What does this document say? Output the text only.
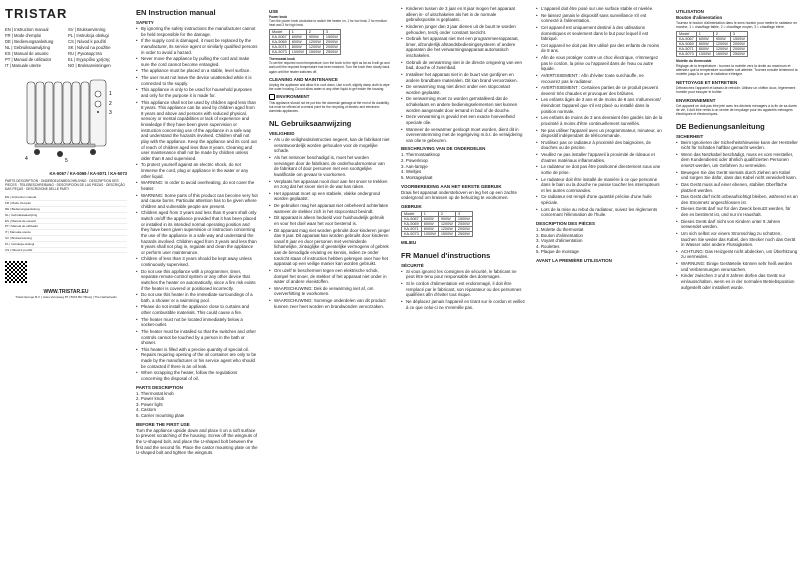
TRISTAR
EN | Instruction manual	SV | Bruksanvisning
FR | Mode d'emploi	PL | Instrukcja obsługi
DE | Bedienungsanleitung	CS | Návod k použití
NL | Gebruiksaanwijzing	SK | Návod na použitie
ES | Manual de usuario	RU | Руководство
PT | Manual de utilizador	EL | Εγχειρίδιο χρήσης
IT | Manuale utente	NO | Bruksanvisningen
1
2
3
4	5
KA-5067 / KA-5069 / KA-5071 / KA-5073
PARTS DESCRIPTION · ONDERDELENBESCHRIJVING · DESCRIPTION DES PIECES · TEILEBESCHREIBUNG · DESCRIPCIÓN DE LAS PIEZAS · DESCRIÇÃO DAS PEÇAS · DESCRIZIONE DELLE PARTI
EN | Instruction manual
FR | Mode d'emploi
DE | Bedienungsanleitung
NL | Gebruiksaanwijzing
ES | Manual de usuario
PT | Manual de utilizador
IT | Manuale utente
SV | Bruksanvisning
PL | Instrukcja obsługi
CS | Návod k použití
WWW.TRISTAR.EU
Tristar Europe B.V. | Jules Verneweg 87 | 5015 BH Tilburg | The Netherlands
EN Instruction manual
SAFETY
• By ignoring the safety instructions the manufacturer cannot be held responsible for the damage.
• If the supply cord is damaged, it must be replaced by the manufacturer, its service agent or similarly qualified persons in order to avoid a hazard.
• Never move the appliance by pulling the cord and make sure the cord cannot become entangled.
• The appliance must be placed on a stable, level surface.
• The user must not leave the device unattended while it is connected to the supply.
• This appliance is only to be used for household purposes and only for the purpose it is made for.
• This appliance shall not be used by children aged less than 8 years. This appliance can be used by children aged from 8 years and above and persons with reduced physical, sensory or mental capabilities or lack of experience and knowledge if they have been given supervision or instruction concerning use of the appliance in a safe way and understand the hazards involved. Children shall not play with the appliance. Keep the appliance and its cord out of reach of children aged less than 8 years. Cleaning and user maintenance shall not be made by children unless older than 8 and supervised.
• To protect yourself against an electric shock, do not immerse the cord, plug or appliance in the water or any other liquid.
• WARNING: In order to avoid overheating, do not cover the heater.
• WARNING: Some parts of this product can become very hot and cause burns. Particular attention has to be given where children and vulnerable people are present.
• Children aged from 3 years and less than 8 years shall only switch on/off the appliance provided that it has been placed or installed in its intended normal operating position and they have been given supervision or instruction concerning the use of the appliance in a safe way and understand the hazards involved. Children aged from 3 years and less than 8 years shall not plug in, regulate and clean the appliance or perform user maintenance.
• Children of less than 3 years should be kept away unless continuously supervised.
• Do not use this appliance with a programmer, timer, separate remote-control system or any other device that switches the heater on automatically, since a fire risk exists if the heater is covered or positioned incorrectly.
• Do not use this heater in the immediate surroundings of a bath, a shower or a swimming pool.
• Please do not install the appliance close to curtains and other combustible materials. This could cause a fire.
• The heater must not be located immediately below a socket-outlet.
• The heater must be installed so that the switches and other controls cannot be touched by a person in the bath or shower.
• This heater is filled with a precise quantity of special oil. Repairs requiring opening of the oil container are only to be made by the manufacturer or his service agent who should be contacted if there is an oil leak.
• When scrapping the heater, follow the regulations concerning the disposal of oil.
PARTS DESCRIPTION

1. Thermostat knob

2. Power knob

3. Power light

4. Castors

5. Carrier mounting plate

BEFORE THE FIRST USE

Turn the appliance upside down and place it on a soft surface to prevent scratching of the housing. Screw off the wingnuts of the U-shaped bolt, and place the U-shaped bolt between the first and the second fin. Place the castor mounting plate on the U-shaped bolt and tighten the wingnuts.

USE

Power knob

Turn the power knob clockwise to switch the heater on, 1 for low heat, 2 for medium heat and 3 for high heat.

Model	1	2	3
KA-5067	600W	900W	1500W
KA-5069	800W	1200W	2000W
KA-5071	800W	1200W	2000W
KA-5073	1000W	1500W	2500W

Thermostat knob

To set the required room temperature, turn the knob to the right as far as it will go and wait until the required temperature has been reached. Turn the knob then slowly back again until the heater switches off.

CLEANING AND MAINTENANCE

Unplug the appliance and allow it to cool down. Use a soft, slightly damp cloth to wipe the outer housing. Do not allow water or any other liquid to get inside the housing.

ENVIRONMENT

This appliance should not be put into the domestic garbage at the end of its durability, but must be offered at a central point for the recycling of electric and electronic domestic appliances.

NL Gebruiksaanwijzing
VEILIGHEID
• Als u de veiligheidsinstructies negeert, kan de fabrikant niet verantwoordelijk worden gehouden voor de mogelijke schade.
• Als het netsnoer beschadigd is, moet het worden vervangen door de fabrikant, de onderhoudsmonteur van de fabrikant of door personen met een soortgelijke kwalificatie om gevaar te voorkomen.
• Verplaats het apparaat nooit door aan het snoer te trekken en zorg dat het snoer niet in de war kan raken.
• Het apparaat moet op een stabiele, vlakke ondergrond worden geplaatst.
• De gebruiker mag het apparaat niet onbeheerd achterlaten wanneer de stekker zich in het stopcontact bevindt.
• Dit apparaat is alleen bedoeld voor huishoudelijk gebruik en voor het doel waar het voor bestemd is.
• Dit apparaat mag niet worden gebruikt door kinderen jonger dan 8 jaar. Dit apparaat kan worden gebruikt door kinderen vanaf 8 jaar en door personen met verminderde lichamelijke, zintuiglijke of geestelijke vermogens of gebrek aan de benodigde ervaring en kennis, indien ze onder toezicht staan of instructies hebben gekregen over hoe het apparaat op een veilige manier kan worden gebruikt.
• Om uzelf te beschermen tegen een elektrische schok, dompel het snoer, de stekker of het apparaat niet onder in water of andere vloeistoffen.
• WAARSCHUWING: Dek de verwarming niet af, om oververhitting te voorkomen.
• WAARSCHUWING: Sommige onderdelen van dit product kunnen zeer heet worden en brandwonden veroorzaken.
• Kinderen tussen de 3 jaar en 8 jaar mogen het apparaat alleen in- of uitschakelen als het in de normale gebruikspositie is geplaatst.
• Kinderen jonger dan 3 jaar dienen uit de buurt te worden gehouden, tenzij onder constant toezicht.
• Gebruik het apparaat niet met een programmeerapparaat, timer, afzonderlijk afstandsbedieningssysteem of andere apparaten die het verwarmingsapparaat automatisch inschakelen.
• Gebruik de verwarming niet in de directe omgeving van een bad, douche of zwembad.
• Installeer het apparaat niet in de buurt van gordijnen en andere brandbare materialen. Dit kan brand veroorzaken.
• De verwarming mag niet direct onder een stopcontact worden geplaatst.
• De verwarming moet zo worden geïnstalleerd dat de schakelaars en andere bedieningselementen niet kunnen worden aangeraakt door iemand in bad of de douche.
• Deze verwarming is gevuld met een exacte hoeveelheid speciale olie.
• Wanneer de verwarmer gesloopt moet worden, dient dit in overeenstemming met de regelgeving m.b.t. de verwijdering van olie te gebeuren.
BESCHRIJVING VAN DE ONDERDELEN

1. Thermostaatknop

2. Powerknop

3. Aan-lampje

4. Wieltjes

5. Montageplaat

VOORBEREIDING AAN HET EERSTE GEBRUIK

Draai het apparaat ondersteboven en leg het op een zachte ondergrond om krassen op de behuizing te voorkomen.

GEBRUIK
Model	1	2	3
KA-5067	600W	900W	1500W
KA-5069	800W	1200W	2000W
KA-5071	800W	1200W	2000W
KA-5073	1000W	1500W	2500W
MILIEU
FR Manuel d'instructions
SÉCURITÉ
• Si vous ignorez les consignes de sécurité, le fabricant ne peut être tenu pour responsable des dommages.
• Si le cordon d'alimentation est endommagé, il doit être remplacé par le fabricant, son réparateur ou des personnes qualifiées afin d'éviter tout risque.
• Ne déplacez jamais l'appareil en tirant sur le cordon et veillez à ce que celui-ci ne s'emmêle pas.
• L'appareil doit être posé sur une surface stable et nivelée.
• Ne laissez jamais le dispositif sans surveillance s'il est connecté à l'alimentation.
• Cet appareil est uniquement destiné à des utilisations domestiques et seulement dans le but pour lequel il est fabriqué.
• Cet appareil ne doit pas être utilisé par des enfants de moins de 8 ans.
• Afin de vous protéger contre un choc électrique, n'immergez pas le cordon, la prise ou l'appareil dans de l'eau ou autre liquide.
• AVERTISSEMENT : Afin d'éviter toute surchauffe, ne recouvrez pas le radiateur.
• AVERTISSEMENT : Certaines parties de ce produit peuvent devenir très chaudes et provoquer des brûlures.
• Les enfants âgés de 3 ans et de moins de 8 ans n'allumeront/éteindront l'appareil que s'il est placé ou installé dans la position normale.
• Les enfants de moins de 3 ans devraient être gardés loin de la proximité à moins d'être continuellement surveillés.
• Ne pas utiliser l'appareil avec un programmateur, minuteur, un dispositif indépendant de télécommande.
• N'utilisez pas ce radiateur à proximité des baignoires, de douches ou de piscine.
• Veuillez ne pas installer l'appareil à proximité de rideaux et d'autres matériaux inflammables.
• Le radiateur ne doit pas être positionné directement sous une sortie de prise.
• Le radiateur doit être installé de manière à ce que personne dans le bain ou la douche ne puisse toucher les interrupteurs et les autres commandes.
• Ce radiateur est rempli d'une quantité précise d'une huile spéciale.
• Lors de la mise au rebut du radiateur, suivez les règlements concernant l'élimination de l'huile.
DESCRIPTION DES PIÈCES

1. Molette du thermostat

2. Bouton d'alimentation

3. Voyant d'alimentation

4. Roulettes

5. Plaque de montage

AVANT LA PREMIÈRE UTILISATION
UTILISATION

Bouton d'alimentation

Tournez le bouton d'alimentation dans le sens horaire pour mettre le radiateur en marche, 1 = chauffage faible, 2 = chauffage moyen, 3 = chauffage élevé.

Model	1	2	3
KA-5067	600W	900W	1500W
KA-5069	800W	1200W	2000W
KA-5071	800W	1200W	2000W
KA-5073	1000W	1500W	2500W

Molette du thermostat

Réglage de la température : tournez la molette vers la droite au maximum et attendez que la température souhaitée soit atteinte. Tournez ensuite lentement la molette jusqu'à ce que le radiateur s'éteigne.

NETTOYAGE ET ENTRETIEN

Débranchez l'appareil et laissez-le refroidir. Utilisez un chiffon doux, légèrement humide pour essuyer le boîtier.

ENVIRONNEMENT

Cet appareil ne doit pas être jeté avec les déchets ménagers à la fin de sa durée de vie, il doit être remis à un centre de recyclage pour les appareils ménagers électriques et électroniques.

DE Bedienungsanleitung
SICHERHEIT
• Beim Ignorieren der Sicherheitshinweise kann der Hersteller nicht für Schäden haftbar gemacht werden.
• Wenn das Netzkabel beschädigt, muss es vom Hersteller, dem Kundendienst oder ähnlich qualifizierten Personen ersetzt werden, um Gefahren zu vermeiden.
• Bewegen Sie das Gerät niemals durch Ziehen am Kabel und sorgen Sie dafür, dass das Kabel nicht verwickelt kann.
• Das Gerät muss auf einer ebenen, stabilen Oberfläche platziert werden.
• Das Gerät darf nicht unbeaufsichtigt bleiben, während es an den Stromnetz angeschlossen ist.
• Dieses Gerät darf nur für den Zweck benutzt werden, für den es bestimmt ist, und nur im Haushalt.
• Dieses Gerät darf nicht von Kindern unter 8 Jahren verwendet werden.
• Um sich selbst vor einem Stromschlag zu schützen, tauchen Sie weder das Kabel, den Stecker noch das Gerät in Wasser oder andere Flüssigkeiten.
• ACHTUNG: Das Heizgerät nicht abdecken, um Überhitzung zu vermeiden.
• WARNUNG: Einige Geräteteile können sehr heiß werden und Verbrennungen verursachen.
• Kinder zwischen 3 und 8 Jahren dürfen das Gerät nur ein/ausschalten, wenn es in der normalen Betriebsposition aufgestellt oder installiert wurde.
